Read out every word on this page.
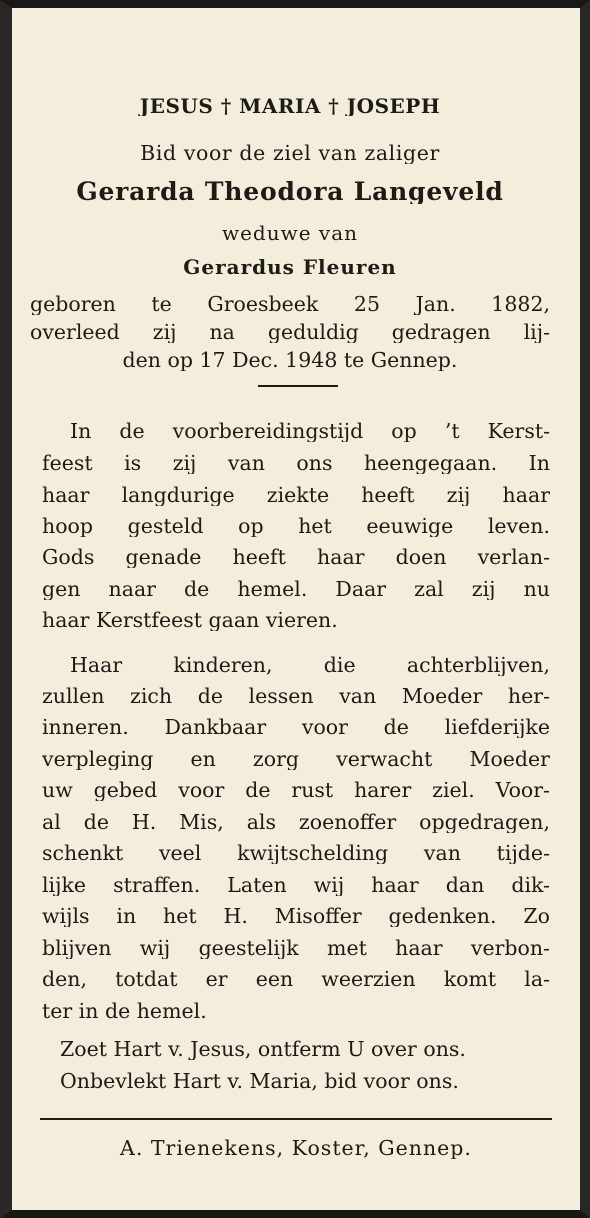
JESUS † MARIA † JOSEPH
Bid voor de ziel van zaliger
Gerarda Theodora Langeveld
weduwe van
Gerardus Fleuren
geboren te Groesbeek 25 Jan. 1882,
overleed zij na geduldig gedragen lij-
den op 17 Dec. 1948 te Gennep.
In de voorbereidingstijd op ’t Kerst-
feest is zij van ons heengegaan. In
haar langdurige ziekte heeft zij haar
hoop gesteld op het eeuwige leven.
Gods genade heeft haar doen verlan-
gen naar de hemel. Daar zal zij nu
haar Kerstfeest gaan vieren.
Haar kinderen, die achterblijven,
zullen zich de lessen van Moeder her-
inneren. Dankbaar voor de liefderijke
verpleging en zorg verwacht Moeder
uw gebed voor de rust harer ziel. Voor-
al de H. Mis, als zoenoffer opgedragen,
schenkt veel kwijtschelding van tijde-
lijke straffen. Laten wij haar dan dik-
wijls in het H. Misoffer gedenken. Zo
blijven wij geestelijk met haar verbon-
den, totdat er een weerzien komt la-
ter in de hemel.
Zoet Hart v. Jesus, ontferm U over ons.
Onbevlekt Hart v. Maria, bid voor ons.
A. Trienekens, Koster, Gennep.
